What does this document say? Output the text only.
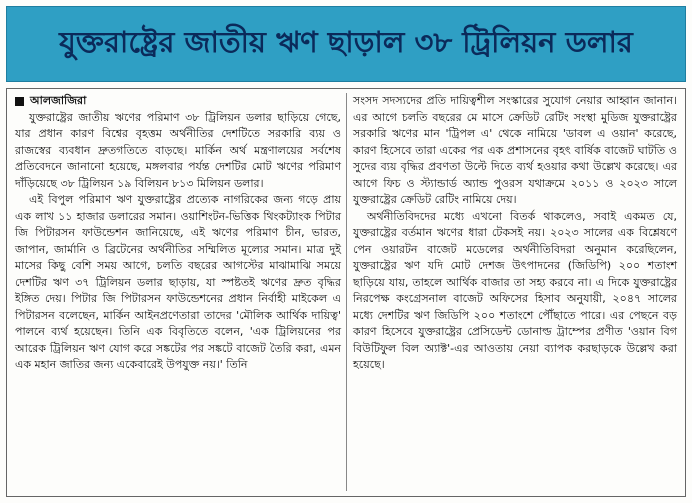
যুক্তরাষ্ট্রের জাতীয় ঋণ ছাড়াল ৩৮ ট্রিলিয়ন ডলার
আলজাজিরা

যুক্তরাষ্ট্রের জাতীয় ঋণের পরিমাণ ৩৮ ট্রিলিয়ন ডলার ছাড়িয়ে গেছে, যার প্রধান কারণ বিশ্বের বৃহত্তম অর্থনীতির দেশটিতে সরকারি ব্যয় ও রাজস্বের ব্যবধান দ্রুতগতিতে বাড়ছে। মার্কিন অর্থ মন্ত্রণালয়ের সর্বশেষ প্রতিবেদনে জানানো হয়েছে, মঙ্গলবার পর্যন্ত দেশটির মোট ঋণের পরিমাণ দাঁড়িয়েছে ৩৮ ট্রিলিয়ন ১৯ বিলিয়ন ৮১৩ মিলিয়ন ডলার।

এই বিপুল পরিমাণ ঋণ যুক্তরাষ্ট্রের প্রত্যেক নাগরিকের জন্য গড়ে প্রায় এক লাখ ১১ হাজার ডলারের সমান। ওয়াশিংটন-ভিত্তিক থিংকট্যাংক পিটার জি পিটারসন ফাউন্ডেশন জানিয়েছে, এই ঋণের পরিমাণ চীন, ভারত, জাপান, জার্মানি ও ব্রিটেনের অর্থনীতির সম্মিলিত মূল্যের সমান। মাত্র দুই মাসের কিছু বেশি সময় আগে, চলতি বছরের আগস্টের মাঝামাঝি সময়ে দেশটির ঋণ ৩৭ ট্রিলিয়ন ডলার ছাড়ায়, যা স্পষ্টতই ঋণের দ্রুত বৃদ্ধির ইঙ্গিত দেয়। পিটার জি পিটারসন ফাউন্ডেশনের প্রধান নির্বাহী মাইকেল এ পিটারসন বলেছেন, মার্কিন আইনপ্রণেতারা তাদের 'মৌলিক আর্থিক দায়িত্ব' পালনে ব্যর্থ হয়েছেন। তিনি এক বিবৃতিতে বলেন, 'এক ট্রিলিয়নের পর আরেক ট্রিলিয়ন ঋণ যোগ করে সঙ্কটের পর সঙ্কটে বাজেট তৈরি করা, এমন এক মহান জাতির জন্য একেবারেই উপযুক্ত নয়।' তিনি

সংসদ সদস্যদের প্রতি দায়িত্বশীল সংস্কারের সুযোগ নেয়ার আহ্বান জানান। এর আগে চলতি বছরের মে মাসে ক্রেডিট রেটিং সংস্থা মুডিজ যুক্তরাষ্ট্রের সরকারি ঋণের মান 'ট্রিপল এ' থেকে নামিয়ে 'ডাবল এ ওয়ান' করেছে, কারণ হিসেবে তারা একের পর এক প্রশাসনের বৃহৎ বার্ষিক বাজেট ঘাটতি ও সুদের ব্যয় বৃদ্ধির প্রবণতা উল্টে দিতে ব্যর্থ হওয়ার কথা উল্লেখ করেছে। এর আগে ফিচ ও স্ট্যান্ডার্ড অ্যান্ড পুওরস যথাক্রমে ২০১১ ও ২০২৩ সালে যুক্তরাষ্ট্রের ক্রেডিট রেটিং নামিয়ে দেয়।

অর্থনীতিবিদদের মধ্যে এখনো বিতর্ক থাকলেও, সবাই একমত যে, যুক্তরাষ্ট্রের বর্তমান ঋণের ধারা টেকসই নয়। ২০২৩ সালের এক বিশ্লেষণে পেন ওয়ারটন বাজেট মডেলের অর্থনীতিবিদরা অনুমান করেছিলেন, যুক্তরাষ্ট্রের ঋণ যদি মোট দেশজ উৎপাদনের (জিডিপি) ২০০ শতাংশ ছাড়িয়ে যায়, তাহলে আর্থিক বাজার তা সহ্য করবে না। এ দিকে যুক্তরাষ্ট্রের নিরপেক্ষ কংগ্রেসনাল বাজেট অফিসের হিসাব অনুযায়ী, ২০৪৭ সালের মধ্যে দেশটির ঋণ জিডিপি ২০০ শতাংশে পৌঁছাতে পারে। এর পেছনে বড় কারণ হিসেবে যুক্তরাষ্ট্রের প্রেসিডেন্ট ডোনাল্ড ট্রাম্পের প্রণীত 'ওয়ান বিগ বিউটিফুল বিল অ্যাক্ট'-এর আওতায় নেয়া ব্যাপক করছাড়কে উল্লেখ করা হয়েছে।
